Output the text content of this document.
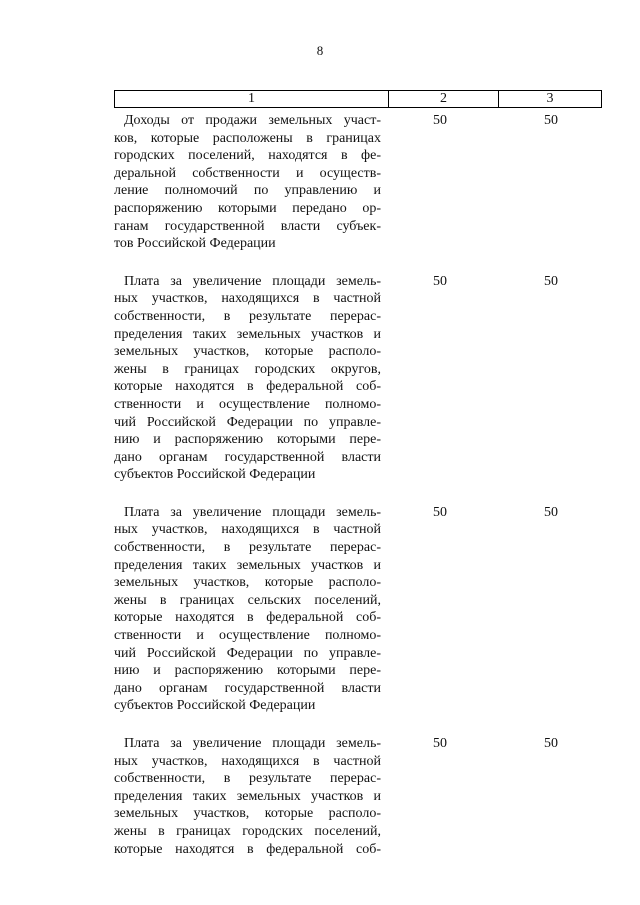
8
1	2	3
Доходы от продажи земельных участ-
ков, которые расположены в границах
городских поселений, находятся в фе-
деральной собственности и осуществ-
ление полномочий по управлению и
распоряжению которыми передано ор-
ганам государственной власти субъек-
тов Российской Федерации
50	50
Плата за увеличение площади земель-
ных участков, находящихся в частной
собственности, в результате перерас-
пределения таких земельных участков и
земельных участков, которые располо-
жены в границах городских округов,
которые находятся в федеральной соб-
ственности и осуществление полномо-
чий Российской Федерации по управле-
нию и распоряжению которыми пере-
дано органам государственной власти
субъектов Российской Федерации
50	50
Плата за увеличение площади земель-
ных участков, находящихся в частной
собственности, в результате перерас-
пределения таких земельных участков и
земельных участков, которые располо-
жены в границах сельских поселений,
которые находятся в федеральной соб-
ственности и осуществление полномо-
чий Российской Федерации по управле-
нию и распоряжению которыми пере-
дано органам государственной власти
субъектов Российской Федерации
50	50
Плата за увеличение площади земель-
ных участков, находящихся в частной
собственности, в результате перерас-
пределения таких земельных участков и
земельных участков, которые располо-
жены в границах городских поселений,
которые находятся в федеральной соб-
50	50
